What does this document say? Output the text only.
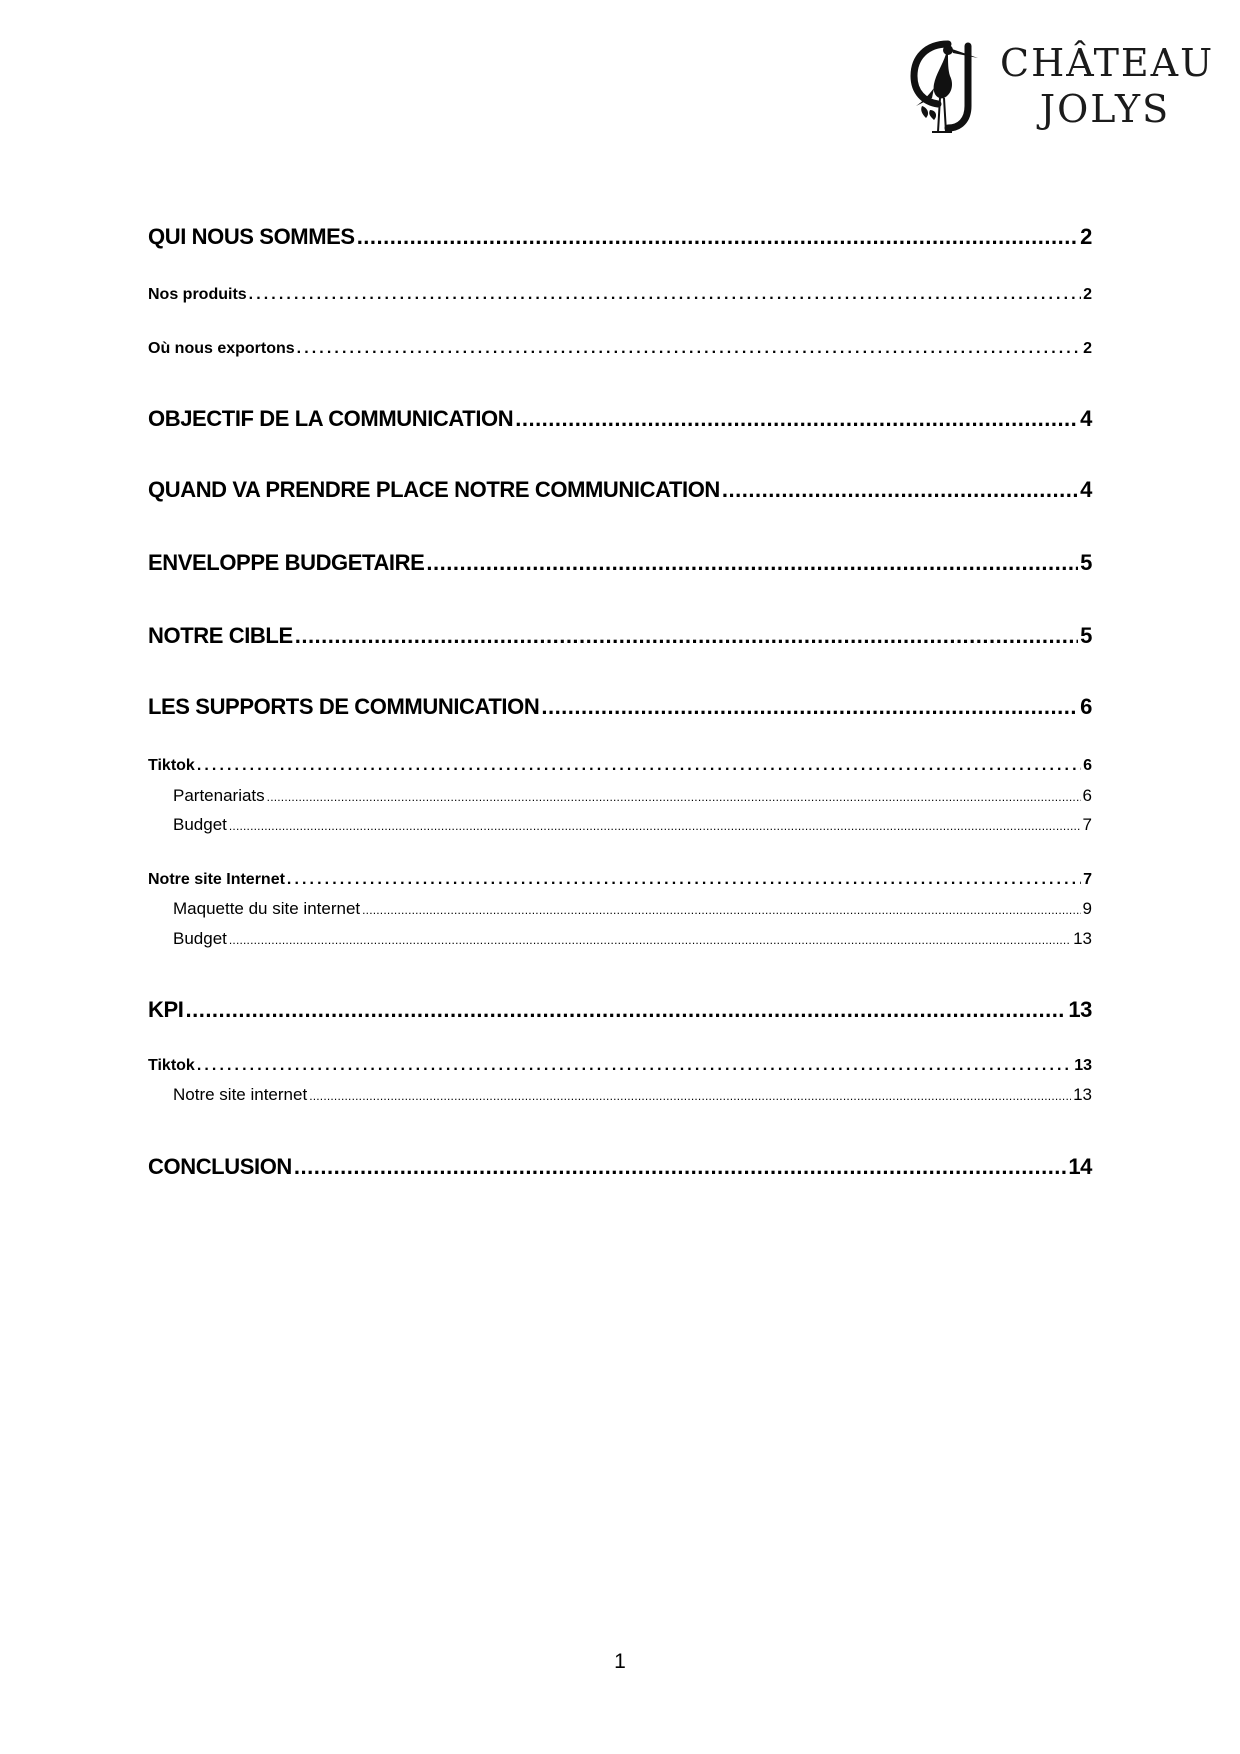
CHÂTEAU
JOLYS
QUI NOUS SOMMES .....	2
Nos produits .....	2
Où nous exportons .....	2
OBJECTIF DE LA COMMUNICATION .....	4
QUAND VA PRENDRE PLACE NOTRE COMMUNICATION .....	4
ENVELOPPE BUDGETAIRE .....	5
NOTRE CIBLE .....	5
LES SUPPORTS DE COMMUNICATION .....	6
Tiktok .....	6
Partenariats .....	6
Budget .....	7
Notre site Internet .....	7
Maquette du site internet .....	9
Budget .....	13
KPI .....	13
Tiktok .....	13
Notre site internet .....	13
CONCLUSION .....	14
1
